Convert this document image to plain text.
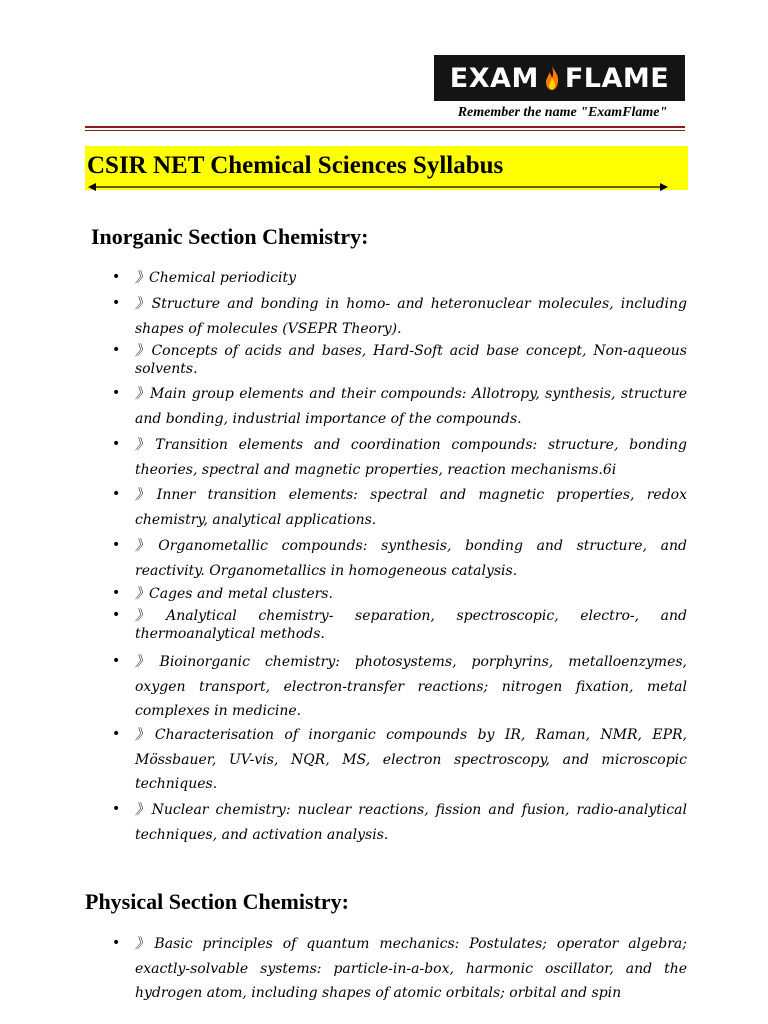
EXAM FLAME
Remember the name "ExamFlame"
CSIR NET Chemical Sciences Syllabus
Inorganic Section Chemistry:
• 》Chemical periodicity
• 》Structure and bonding in homo- and heteronuclear molecules, including shapes of molecules (VSEPR Theory).
• 》Concepts of acids and bases, Hard-Soft acid base concept, Non-aqueous solvents.
• 》Main group elements and their compounds: Allotropy, synthesis, structure and bonding, industrial importance of the compounds.
• 》Transition elements and coordination compounds: structure, bonding theories, spectral and magnetic properties, reaction mechanisms.6i
• 》Inner transition elements: spectral and magnetic properties, redox chemistry, analytical applications.
• 》Organometallic compounds: synthesis, bonding and structure, and reactivity. Organometallics in homogeneous catalysis.
• 》Cages and metal clusters.
• 》Analytical chemistry- separation, spectroscopic, electro-, and thermoanalytical methods.
• 》Bioinorganic chemistry: photosystems, porphyrins, metalloenzymes, oxygen transport, electron-transfer reactions; nitrogen fixation, metal complexes in medicine.
• 》Characterisation of inorganic compounds by IR, Raman, NMR, EPR, Mössbauer, UV-vis, NQR, MS, electron spectroscopy, and microscopic techniques.
• 》Nuclear chemistry: nuclear reactions, fission and fusion, radio-analytical techniques, and activation analysis.
Physical Section Chemistry:
• 》Basic principles of quantum mechanics: Postulates; operator algebra; exactly-solvable systems: particle-in-a-box, harmonic oscillator, and the hydrogen atom, including shapes of atomic orbitals; orbital and spin
